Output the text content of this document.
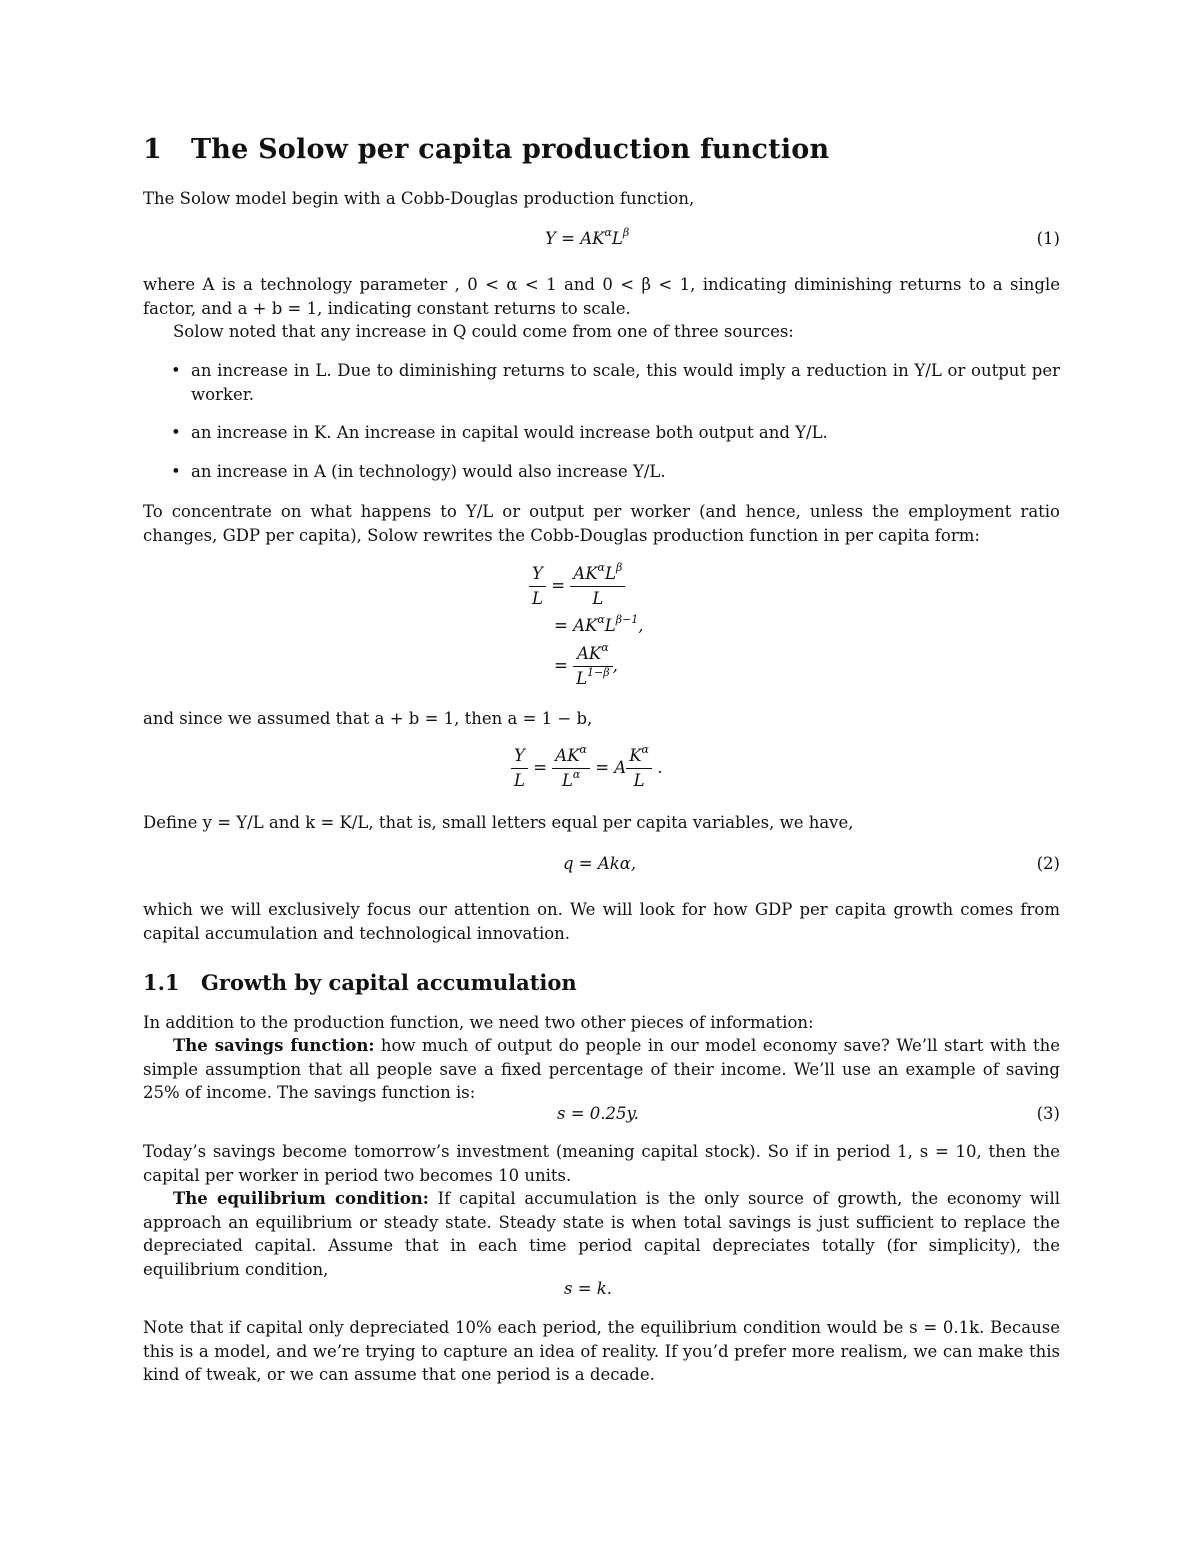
1 The Solow per capita production function
The Solow model begin with a Cobb-Douglas production function,
$Y = AK^\alpha L^\beta$	(1)
where A is a technology parameter , 0 < α < 1 and 0 < β < 1, indicating diminishing returns to a single factor, and a + b = 1, indicating constant returns to scale.
Solow noted that any increase in Q could come from one of three sources:
• an increase in L. Due to diminishing returns to scale, this would imply a reduction in Y/L or output per worker.
• an increase in K. An increase in capital would increase both output and Y/L.
• an increase in A (in technology) would also increase Y/L.
To concentrate on what happens to Y/L or output per worker (and hence, unless the employment ratio changes, GDP per capita), Solow rewrites the Cobb-Douglas production function in per capita form:
$\frac{Y}{L} = \frac{AK^\alpha L^\beta}{L}$
= $AK^\alpha L^{\beta-1}$,
= $\frac{AK^\alpha}{L^{1-\beta}}$ ,
and since we assumed that a + b = 1, then a = 1 − b,
$\frac{Y}{L} = \frac{AK^\alpha}{L^\alpha} = A \frac{K^\alpha}{L}$ .
Define y = Y/L and k = K/L, that is, small letters equal per capita variables, we have,
q = Akα,	(2)
which we will exclusively focus our attention on. We will look for how GDP per capita growth comes from capital accumulation and technological innovation.
1.1 Growth by capital accumulation
In addition to the production function, we need two other pieces of information:
The savings function: how much of output do people in our model economy save? We’ll start with the simple assumption that all people save a fixed percentage of their income. We’ll use an example of saving 25% of income. The savings function is:
s = 0.25y.	(3)
Today’s savings become tomorrow’s investment (meaning capital stock). So if in period 1, s = 10, then the capital per worker in period two becomes 10 units.
The equilibrium condition: If capital accumulation is the only source of growth, the economy will approach an equilibrium or steady state. Steady state is when total savings is just sufficient to replace the depreciated capital. Assume that in each time period capital depreciates totally (for simplicity), the equilibrium condition,
s = k.
Note that if capital only depreciated 10% each period, the equilibrium condition would be s = 0.1k. Because this is a model, and we’re trying to capture an idea of reality. If you’d prefer more realism, we can make this kind of tweak, or we can assume that one period is a decade.
